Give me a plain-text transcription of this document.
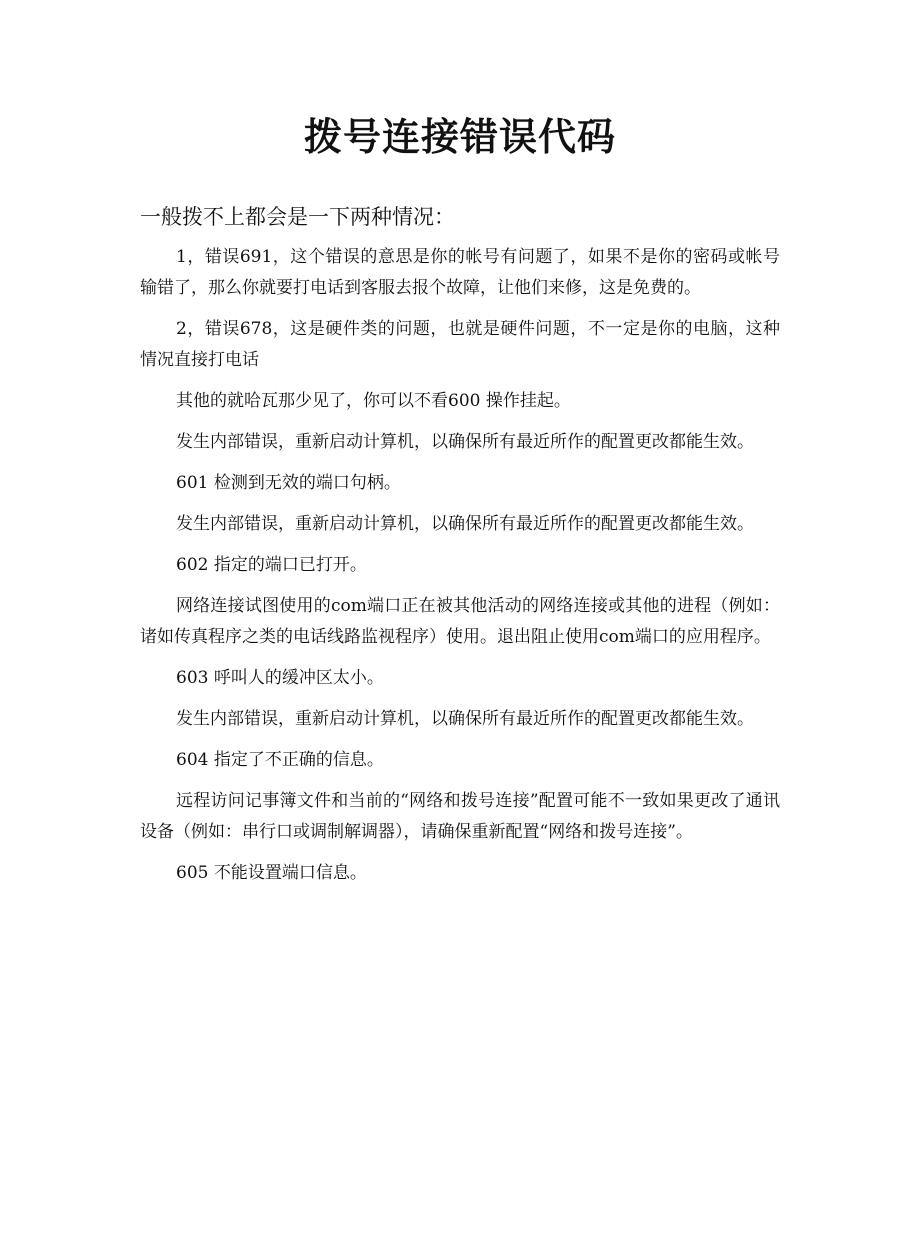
拨号连接错误代码

一般拨不上都会是一下两种情况：

1，错误691，这个错误的意思是你的帐号有问题了，如果不是你的密码或帐号输错了，那么你就要打电话到客服去报个故障，让他们来修，这是免费的。

2，错误678，这是硬件类的问题，也就是硬件问题，不一定是你的电脑，这种情况直接打电话

其他的就哈瓦那少见了，你可以不看600 操作挂起。

发生内部错误，重新启动计算机，以确保所有最近所作的配置更改都能生效。

601 检测到无效的端口句柄。

发生内部错误，重新启动计算机，以确保所有最近所作的配置更改都能生效。

602 指定的端口已打开。

网络连接试图使用的com端口正在被其他活动的网络连接或其他的进程（例如：诸如传真程序之类的电话线路监视程序）使用。退出阻止使用com端口的应用程序。

603 呼叫人的缓冲区太小。

发生内部错误，重新启动计算机，以确保所有最近所作的配置更改都能生效。

604 指定了不正确的信息。

远程访问记事簿文件和当前的“网络和拨号连接”配置可能不一致如果更改了通讯设备（例如：串行口或调制解调器），请确保重新配置“网络和拨号连接”。

605 不能设置端口信息。
